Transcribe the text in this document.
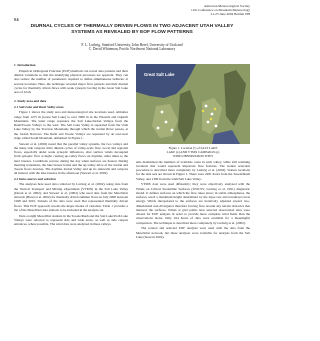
American Meteorological Society
11th Conference on Mountain Meteorology
21-25 June 2004 Bartlett NH
9.6
DIURNAL CYCLES OF THERMALLY DRIVEN FLOWS IN TWO ADJACENT UTAH VALLEY SYSTEMS AS REVEALED BY EOF FLOW PATTERNS
F. L. Ludwig, Stanford University, John Horel, University of Utah and
C. David Whiteman, Pacific Northwest National Laboratory
1. Introduction

Empirical Orthogonal Function (EOF) methods can reveal data patterns and their diurnal variations so that the underlying physical processes are apparent. They can also reduce the number of parameters required to define simultaneous behavior at several locations. Here, the technique revealed major flow patterns and their diurnal cycles for thermally driven flows with weak synoptic forcing in the Great Salt Lake area of Utah.

2. Study area and data
2.1 Salt Lake and Rush Valley areas

Figure 1 shows the study area and meteorological site locations used. Altitudes range from 1275 m (Great Salt Lake) to over 3000 m in the Wasatch and Oquirrh Mountains. The latter range separates the Salt Lake/Jordan Valleys from the Rush/Tooele Valleys to the west. The Salt Lake Valley is separated from the Utah Lake Valley by the Traverse Mountains through which the Jordan River passes, at the Jordan Narrows. The Rush and Tooele Valleys are separated by an east-west ridge called South Mountain, unmarked in Figure 1.

Stewart et al. (2002) noted that the parallel valley systems, the two valleys and the many side canyons drive diurnal cycles of valley-scale flow. Local and regional flows, especially under weak synoptic influences, alter surface winds decoupled from synoptic flow at night, causing up-valley flows on daytime, other times to the land breezes. Conditions reverse during the day when surfaces are heated. During morning transitions, the lake breeze forms and the up-valley drive of the Jordan and Tooele flows develop. The daytime Jordan Valley and up its sidewalls and canyons all interact with the lake breezes in the afternoon (Stewart et al. 2002).

2.2 Data sources and selection

The analyses here used data collected by Ludwig et al. (2002), using data from the Vertical Transport and Mixing eXperiment (VTMX) in the Salt Lake Valley (Doran et al. 2002), and Stewart et al. (2002) who used data from the MesoWest network (Horel et al. 2002) for thermally driven summer flows in July 2000 between 1998 and 2001. Subsets of the data were used that represented thermally driven flows. This EOF approach reveals the major modes of variation. Table 1 provides a list of the MesoWest data stations to be included in the analysis set.

Data at eight MesoWest stations in the Tooele/Rush and the Salt Lake/Utah Lake Valleys were selected to represent side and wide areas, as well as side canyon entrances, where possible. The wind data were analyzed in these valleys.

Great Salt Lake
Figure 1. Location (•) of SALT LAKE
LAKE (x) AND VTMX CAMPAIGN (o)
WIND OBSERVATION SITES

ems maximized the numbers of available cases in each valley, while still retaining locations that would represent important flow features. The station selection procedure is described more completely by Ludwig et al. (2004). Station locations for the data sets are shown in Figure 1. There were 2281 hours from the Tooele/Rush Valley, and 1396 from the Utah/Salt Lake Valley.

VTMX data were used differently; they were objectively analyzed with the Winds on Critical Streamline Surfaces (WOCSS; Ludwig et al. 1991) diagnostic model. It defines surfaces on which the flow takes place; in stable atmospheres, the surfaces reach a maximum height determined by the lapse rate and terrain/sea level energy. Winds interpolated to the surfaces are iteratively adjusted toward two-dimensional non-divergence therefore forcing flow around any terrain obstacles that intersect the surfaces. Winds at grid points near selected observation sites were chosen for EOF analysis in order to provide more complete wind fields than the observations alone. Only 104 hours of data were available for a meaningful comparison. The technique is described more completely by Ludwig et al. (2002).

The rotated and selected EOF analysis were used with the data from the MesoWest network, but these analyses were available for analysis from the Salt Lake (Stewart 2002).
